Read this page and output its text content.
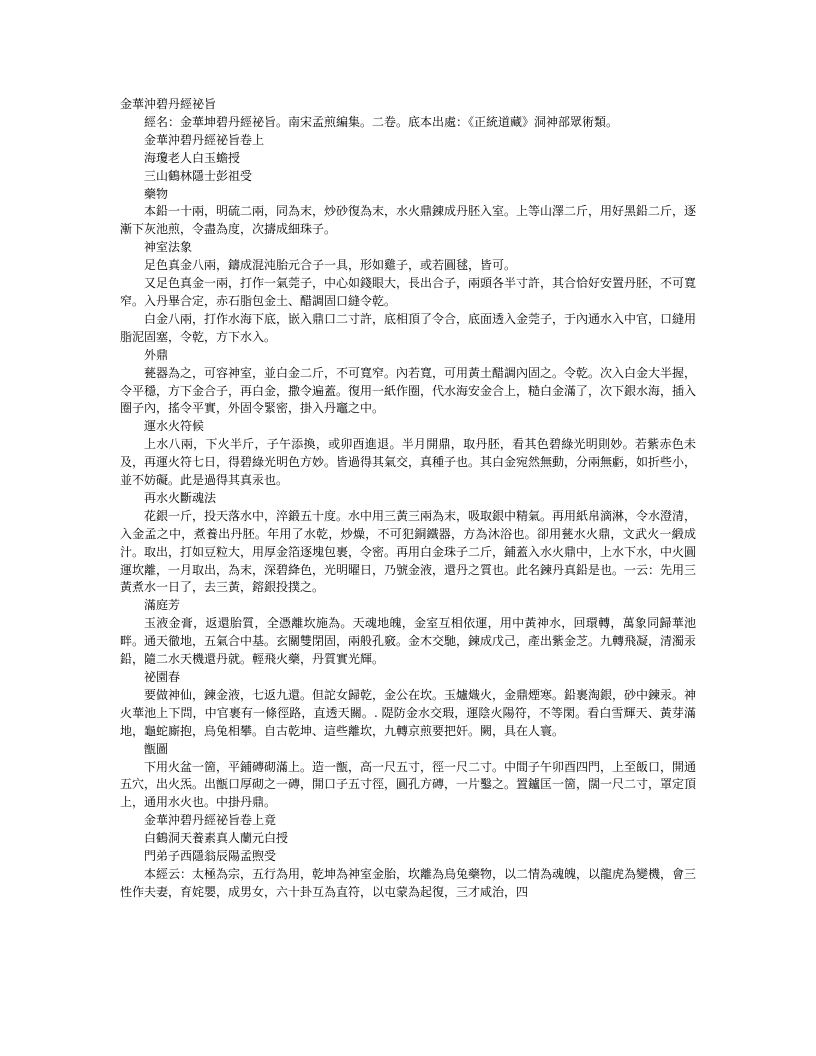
金華沖碧丹經祕旨

經名：金華坤碧丹經祕旨。南宋孟煎編集。二卷。底本出處：《正統道藏》洞神部眾術類。

金華沖碧丹經祕旨卷上

海瓊老人白玉蟾授

三山鶴林隱士彭祖受

藥物

本鉛一十兩，明硫二兩，同為末，炒砂復為末，水火鼎錬成丹胚入室。上等山澤二斤，用好黑鉛二斤，逐漸下灰池煎，令盡為度，次擣成細珠子。

神室法象

足色真金八兩，鑄成混沌胎元合子一具，形如雞子，或若圓毬，皆可。

又足色真金一兩，打作一氣莞子，中心如錢眼大，長出合子，兩頭各半寸許，其合恰好安置丹胚，不可寬窄。入丹畢合定，赤石脂包金土、醋調固口縫令乾。

白金八兩，打作水海下底，嵌入鼎口二寸許，底相頂了令合，底面透入金莞子，于內通水入中官，口縫用脂泥固塞，令乾，方下水入。

外鼎

甆器為之，可容神室，並白金二斤，不可寬窄。內若寬，可用黃土醋調內固之。令乾。次入白金大半握，令平穩，方下金合子，再白金，撒令遍蓋。復用一紙作圈，代水海安金合上，糙白金滿了，次下銀水海，插入圈子內，搖令平實，外固令緊密，掛入丹竈之中。

運水火符候

上水八兩，下火半斤，子午添換，或卯酉進退。半月開鼎，取丹胚，看其色碧綠光明則妙。若紫赤色未及，再運火符七日，得碧綠光明色方妙。皆過得其氣交，真種子也。其白金宛然無動，分兩無虧，如折些小，並不妨礙。此是過得其真汞也。

再水火斷魂法

花銀一斤，投天落水中，淬鍛五十度。水中用三黃三兩為末，吸取銀中精氣。再用紙帛滴淋，令水澄清，入金孟之中，煮養出丹胚。年用了水乾，炒燥，不可犯銅鐵器，方為沐浴也。卻用甆水火鼎，文武火一緞成汁。取出，打如豆粒大，用厚金箔逐塊包裹，令密。再用白金珠子二斤，鋪蓋入水火鼎中，上水下水，中火圓運坎離，一月取出，為末，深碧絳色，光明曜日，乃號金液，還丹之質也。此名鍊丹真鉛是也。一云：先用三黃煮水一日了，去三黃，鎔銀投撲之。

滿庭芳

玉液金膏，返還胎質，全憑離坎施為。天魂地魄，金室互相依運，用中黃神水，回環轉，萬象同歸華池畔。通天徹地，五氣合中基。玄關雙閉固，兩般孔竅。金木交馳，鍊成戊己，產出紫金芝。九轉飛凝，清濁汞鉛，隨二水天機還丹就。輕飛火藥，丹質實光輝。

祕園春

要做神仙，鍊金液，七返九還。但詑女歸乾，金公在坎。玉爐熾火，金鼎煙寒。鉛裹淘銀，砂中鍊汞。神火華池上下問，中官裹有一條徑路，直透天關。. 隄防金水交瑕，運陰火陽符，不等閑。看白雪輝天、黃芽滿地，龜蛇廝抱，烏兔相攀。自古乾坤、這些離坎，九轉京煎要把奸。闕，具在人寰。

甑圖

下用火盆一箇，平鋪磚砌滿上。造一甑，高一尺五寸，徑一尺二寸。中間子午卯酉四門，上至飯口，開通五穴，出火炁。出甑口厚砌之一磚，開口子五寸徑，圓孔方磚，一片鑿之。置鑪匡一箇，闊一尺二寸，罩定頂上，通用水火也。中掛丹鼎。

金華沖碧丹經祕旨卷上竟

白鶴洞天養素真人蘭元白授

門弟子西隱翁辰陽孟煦受

本經云：太極為宗，五行為用，乾坤為神室金胎，坎離為烏兔藥物，以二情為魂魄，以龍虎為變機，會三性作夫妻，育姹嬰，成男女，六十卦互為直符，以屯蒙為起復，三才咸治，四
